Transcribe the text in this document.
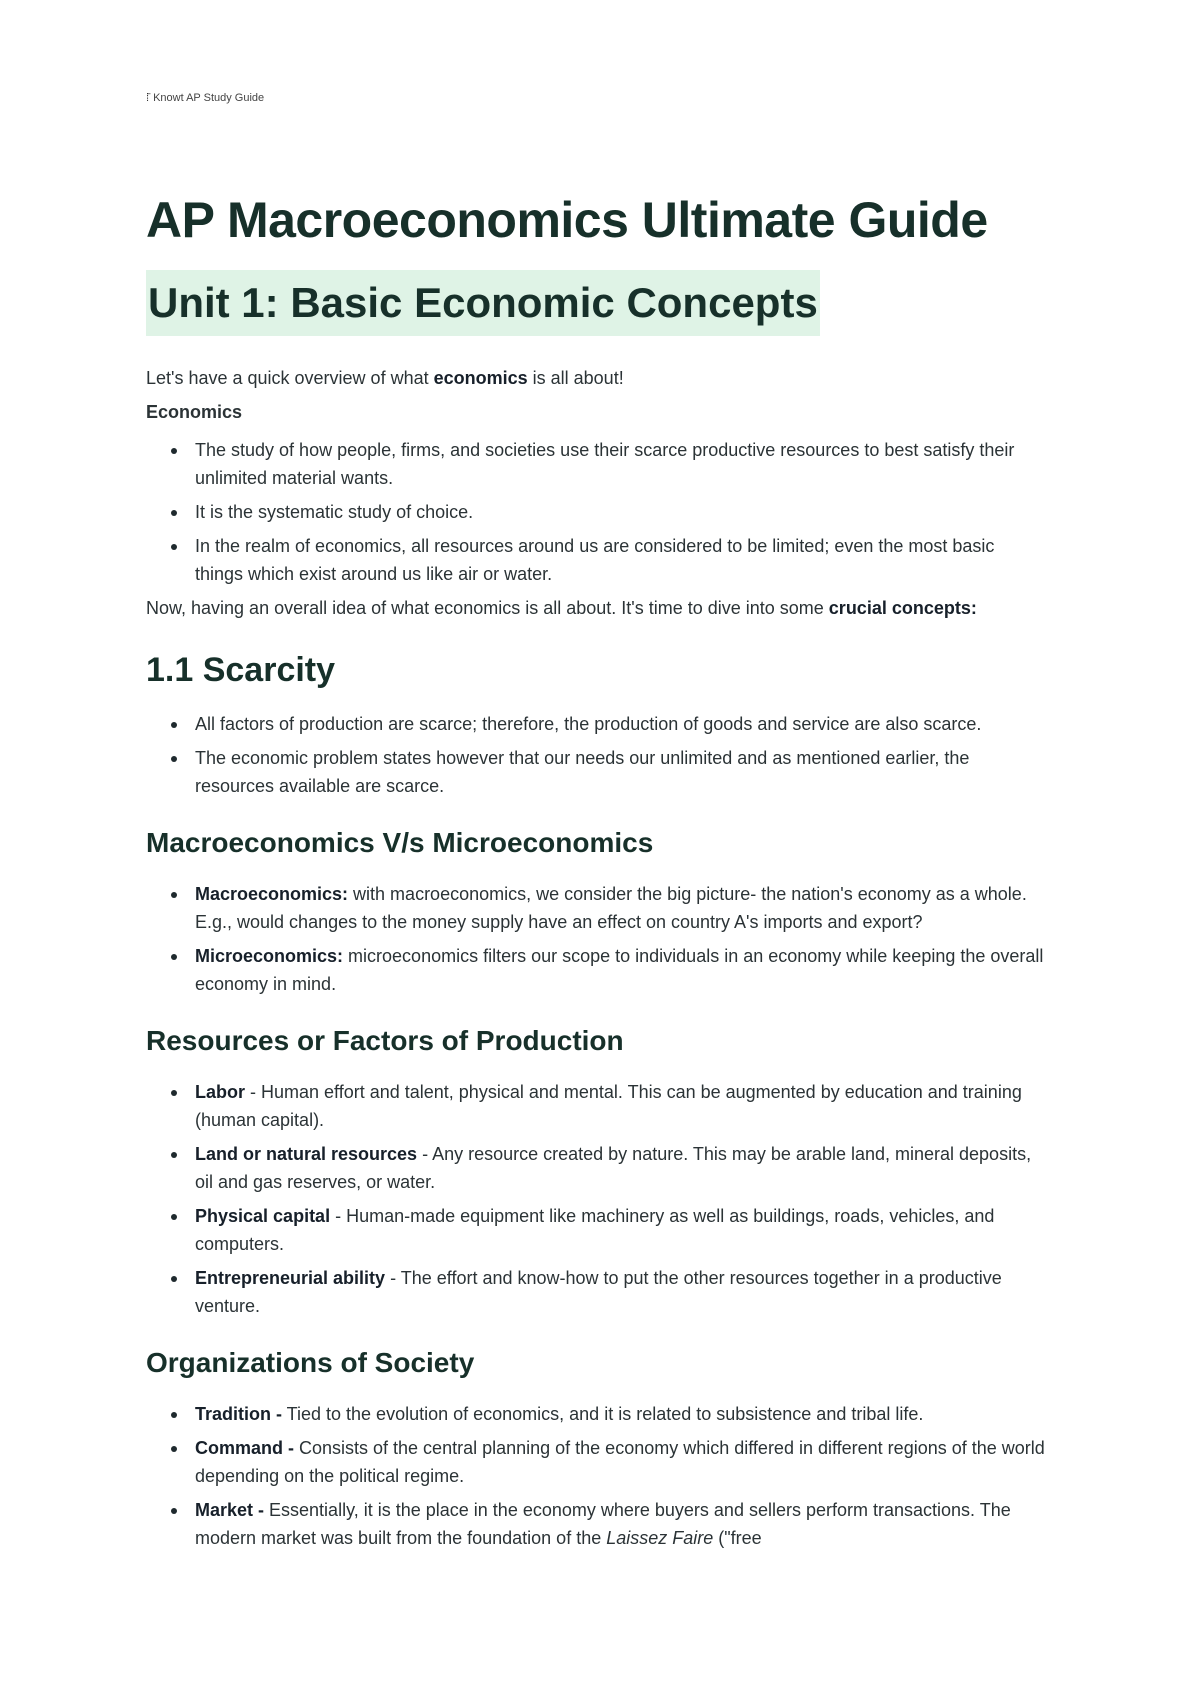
⁞̄ Knowt AP Study Guide
AP Macroeconomics Ultimate Guide
Unit 1: Basic Economic Concepts

Let's have a quick overview of what economics is all about!

Economics

The study of how people, firms, and societies use their scarce productive resources to best satisfy their unlimited material wants.
It is the systematic study of choice.
In the realm of economics, all resources around us are considered to be limited; even the most basic things which exist around us like air or water.

Now, having an overall idea of what economics is all about. It's time to dive into some crucial concepts:

1.1 Scarcity
All factors of production are scarce; therefore, the production of goods and service are also scarce.
The economic problem states however that our needs our unlimited and as mentioned earlier, the resources available are scarce.
Macroeconomics V/s Microeconomics
Macroeconomics: with macroeconomics, we consider the big picture- the nation's economy as a whole. E.g., would changes to the money supply have an effect on country A's imports and export?
Microeconomics: microeconomics filters our scope to individuals in an economy while keeping the overall economy in mind.
Resources or Factors of Production
Labor - Human effort and talent, physical and mental. This can be augmented by education and training (human capital).
Land or natural resources - Any resource created by nature. This may be arable land, mineral deposits, oil and gas reserves, or water.
Physical capital - Human-made equipment like machinery as well as buildings, roads, vehicles, and computers.
Entrepreneurial ability - The effort and know-how to put the other resources together in a productive venture.
Organizations of Society
Tradition - Tied to the evolution of economics, and it is related to subsistence and tribal life.
Command - Consists of the central planning of the economy which differed in different regions of the world depending on the political regime.
Market - Essentially, it is the place in the economy where buyers and sellers perform transactions. The modern market was built from the foundation of the Laissez Faire ("free
